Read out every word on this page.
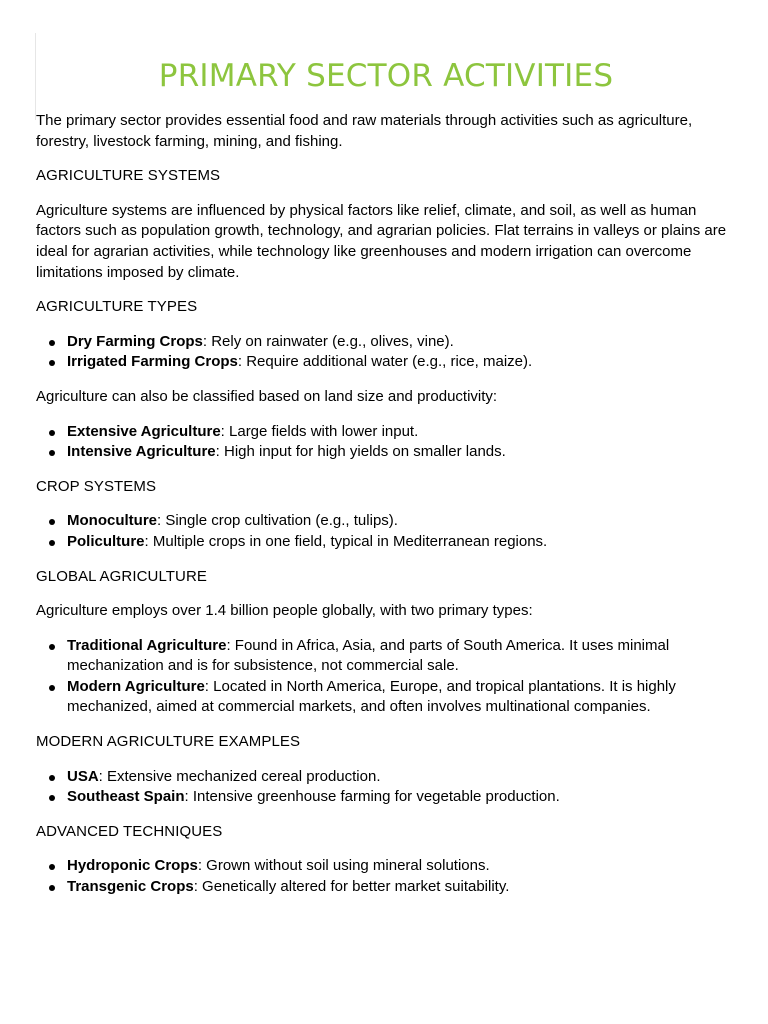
PRIMARY SECTOR ACTIVITIES

The primary sector provides essential food and raw materials through activities such as agriculture, forestry, livestock farming, mining, and fishing.

AGRICULTURE SYSTEMS

Agriculture systems are influenced by physical factors like relief, climate, and soil, as well as human factors such as population growth, technology, and agrarian policies. Flat terrains in valleys or plains are ideal for agrarian activities, while technology like greenhouses and modern irrigation can overcome limitations imposed by climate.

AGRICULTURE TYPES
Dry Farming Crops: Rely on rainwater (e.g., olives, vine).
Irrigated Farming Crops: Require additional water (e.g., rice, maize).

Agriculture can also be classified based on land size and productivity:

Extensive Agriculture: Large fields with lower input.
Intensive Agriculture: High input for high yields on smaller lands.
CROP SYSTEMS
Monoculture: Single crop cultivation (e.g., tulips).
Policulture: Multiple crops in one field, typical in Mediterranean regions.
GLOBAL AGRICULTURE

Agriculture employs over 1.4 billion people globally, with two primary types:

Traditional Agriculture: Found in Africa, Asia, and parts of South America. It uses minimal mechanization and is for subsistence, not commercial sale.
Modern Agriculture: Located in North America, Europe, and tropical plantations. It is highly mechanized, aimed at commercial markets, and often involves multinational companies.
MODERN AGRICULTURE EXAMPLES
USA: Extensive mechanized cereal production.
Southeast Spain: Intensive greenhouse farming for vegetable production.
ADVANCED TECHNIQUES
Hydroponic Crops: Grown without soil using mineral solutions.
Transgenic Crops: Genetically altered for better market suitability.
